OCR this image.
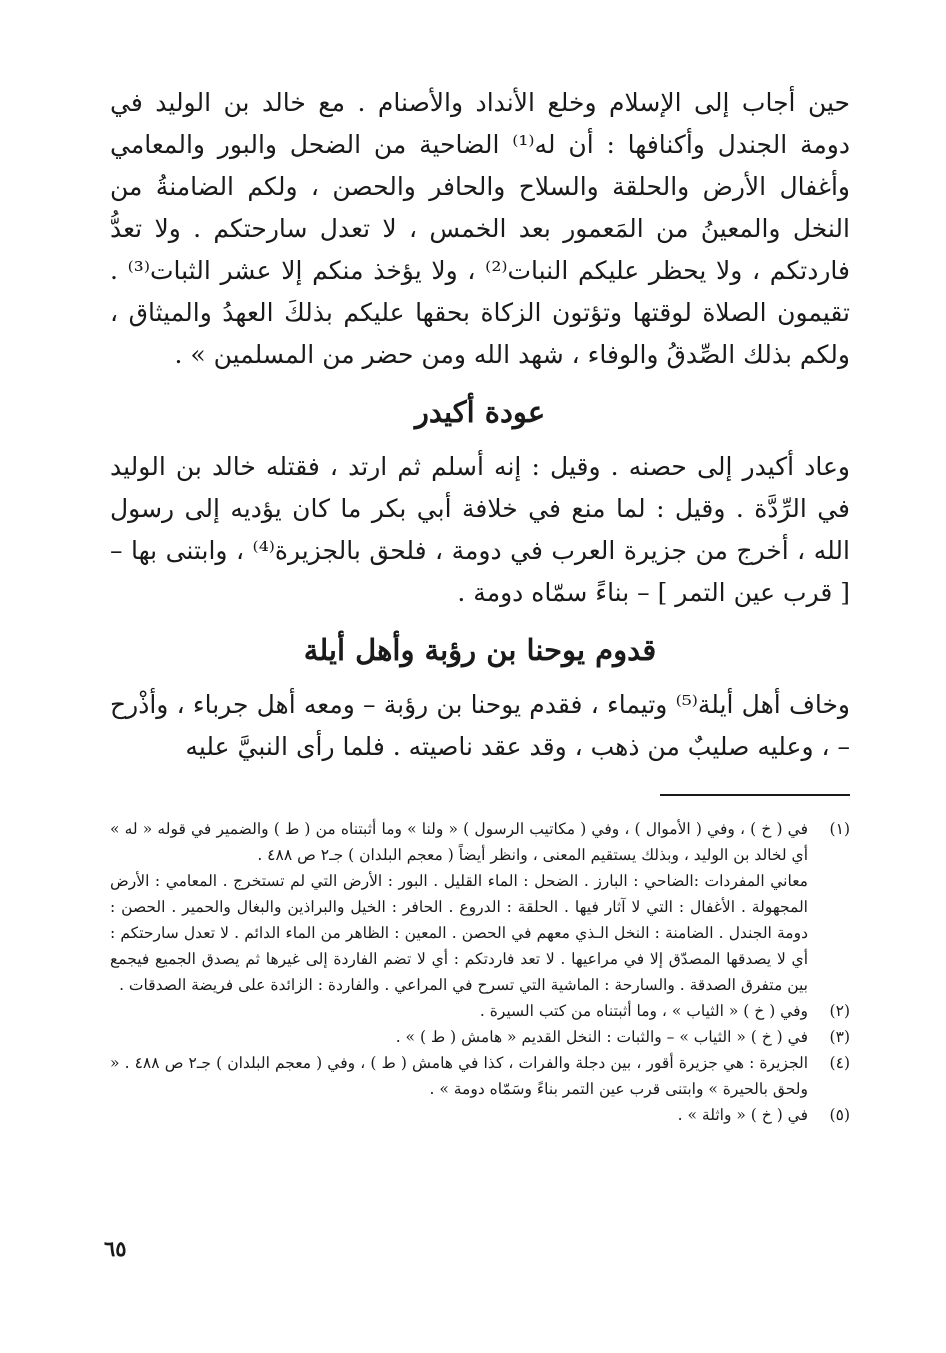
حين أجاب إلى الإسلام وخلع الأنداد والأصنام . مع خالد بن الوليد في دومة الجندل وأكنافها : أن له⁽¹⁾ الضاحية من الضحل والبور والمعامي وأغفال الأرض والحلقة والسلاح والحافر والحصن ، ولكم الضامنةُ من النخل والمعينُ من المَعمور بعد الخمس ، لا تعدل سارحتكم . ولا تعدُّ فاردتكم ، ولا يحظر عليكم النبات⁽²⁾ ، ولا يؤخذ منكم إلا عشر الثبات⁽³⁾ . تقيمون الصلاة لوقتها وتؤتون الزكاة بحقها عليكم بذلكَ العهدُ والميثاق ، ولكم بذلك الصِّدقُ والوفاء ، شهد الله ومن حضر من المسلمين » .

عودة أكيدر

وعاد أكيدر إلى حصنه . وقيل : إنه أسلم ثم ارتد ، فقتله خالد بن الوليد في الرِّدَّة . وقيل : لما منع في خلافة أبي بكر ما كان يؤديه إلى رسول الله ، أخرج من جزيرة العرب في دومة ، فلحق بالجزيرة⁽⁴⁾ ، وابتنى بها – [ قرب عين التمر ] – بناءً سمّاه دومة .

قدوم يوحنا بن رؤبة وأهل أيلة

وخاف أهل أيلة⁽⁵⁾ وتيماء ، فقدم يوحنا بن رؤبة – ومعه أهل جرباء ، وأذْرح – ، وعليه صليبٌ من ذهب ، وقد عقد ناصيته . فلما رأى النبيَّ عليه

(١)
في ( خ ) ، وفي ( الأموال ) ، وفي ( مكاتيب الرسول ) « ولنا » وما أثبتناه من ( ط ) والضمير في قوله « له » أي لخالد بن الوليد ، وبذلك يستقيم المعنى ، وانظر أيضاً ( معجم البلدان ) جـ٢ ص ٤٨٨ .
معاني المفردات :الضاحي : البارز . الضحل : الماء القليل . البور : الأرض التي لم تستخرج . المعامي : الأرض المجهولة . الأغفال : التي لا آثار فيها . الحلقة : الدروع . الحافر : الخيل والبراذين والبغال والحمير . الحصن : دومة الجندل . الضامنة : النخل الـذي معهم في الحصن . المعين : الظاهر من الماء الدائم . لا تعدل سارحتكم : أي لا يصدقها المصدّق إلا في مراعيها . لا تعد فاردتكم : أي لا تضم الفاردة إلى غيرها ثم يصدق الجميع فيجمع بين متفرق الصدقة . والسارحة : الماشية التي تسرح في المراعي . والفاردة : الزائدة على فريضة الصدقات .
(٢)
وفي ( خ ) « الثياب » ، وما أثبتناه من كتب السيرة .
(٣)
في ( خ ) « الثياب » – والثبات : النخل القديم « هامش ( ط ) » .
(٤)
الجزيرة : هي جزيرة أقور ، بين دجلة والفرات ، كذا في هامش ( ط ) ، وفي ( معجم البلدان ) جـ٢ ص ٤٨٨ . « ولحق بالحيرة » وابتنى قرب عين التمر بناءً وسَمّاه دومة » .
(٥)
في ( خ ) « واثلة » .
٦٥
